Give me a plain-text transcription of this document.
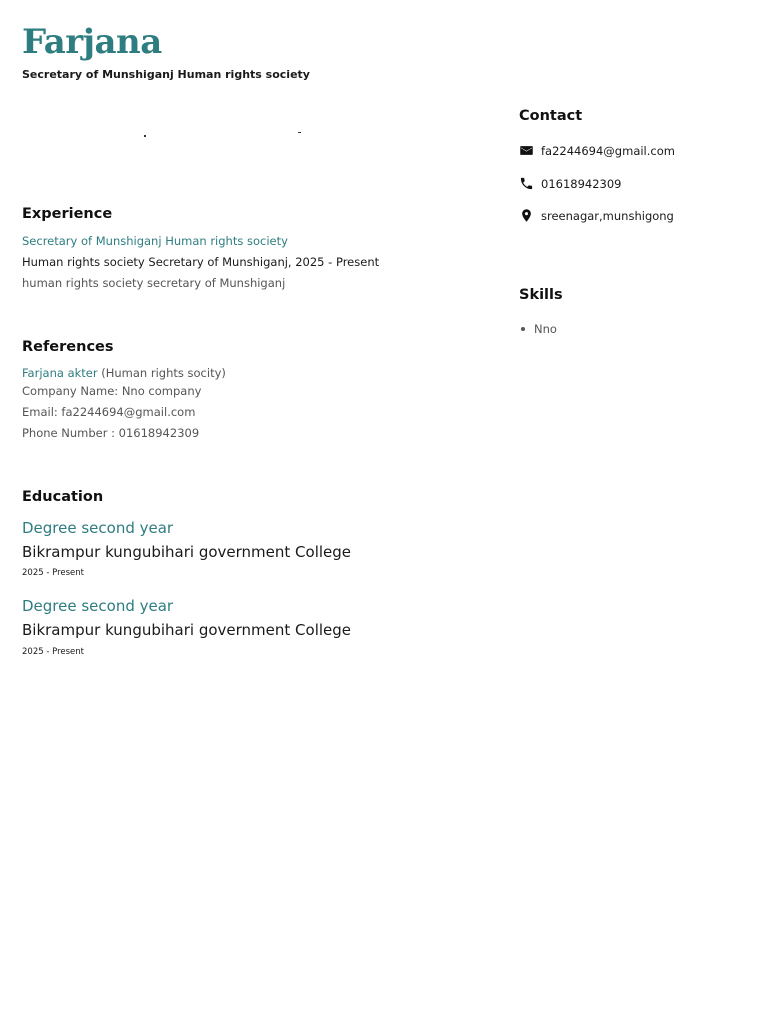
Farjana
Secretary of Munshiganj Human rights society
Experience
Secretary of Munshiganj Human rights society
Human rights society Secretary of Munshiganj, 2025 - Present
human rights society secretary of Munshiganj
References
Farjana akter (Human rights socity)
Company Name: Nno company
Email: fa2244694@gmail.com
Phone Number : 01618942309
Education
Degree second year
Bikrampur kungubihari government College
2025 - Present
Degree second year
Bikrampur kungubihari government College
2025 - Present
Contact
fa2244694@gmail.com
01618942309
sreenagar,munshigong
Skills
Nno
